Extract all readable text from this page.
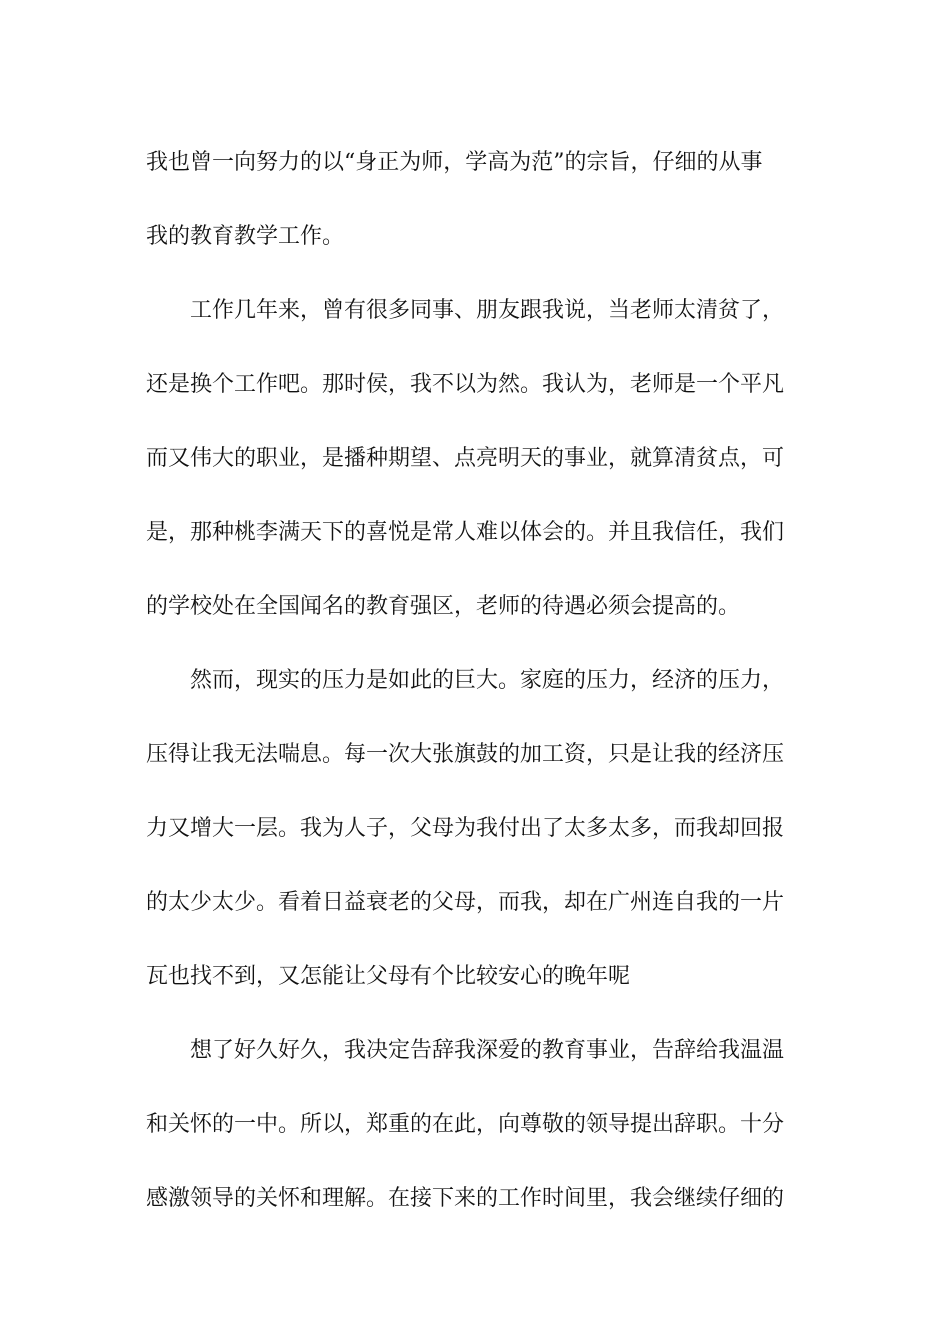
我也曾一向努力的以“身正为师，学高为范”的宗旨，仔细的从事
我的教育教学工作。
工作几年来，曾有很多同事、朋友跟我说，当老师太清贫了，
还是换个工作吧。那时侯，我不以为然。我认为，老师是一个平凡
而又伟大的职业，是播种期望、点亮明天的事业，就算清贫点，可
是，那种桃李满天下的喜悦是常人难以体会的。并且我信任，我们
的学校处在全国闻名的教育强区，老师的待遇必须会提高的。
然而，现实的压力是如此的巨大。家庭的压力，经济的压力，
压得让我无法喘息。每一次大张旗鼓的加工资，只是让我的经济压
力又增大一层。我为人子，父母为我付出了太多太多，而我却回报
的太少太少。看着日益衰老的父母，而我，却在广州连自我的一片
瓦也找不到，又怎能让父母有个比较安心的晚年呢
想了好久好久，我决定告辞我深爱的教育事业，告辞给我温温
和关怀的一中。所以，郑重的在此，向尊敬的领导提出辞职。十分
感激领导的关怀和理解。在接下来的工作时间里，我会继续仔细的
